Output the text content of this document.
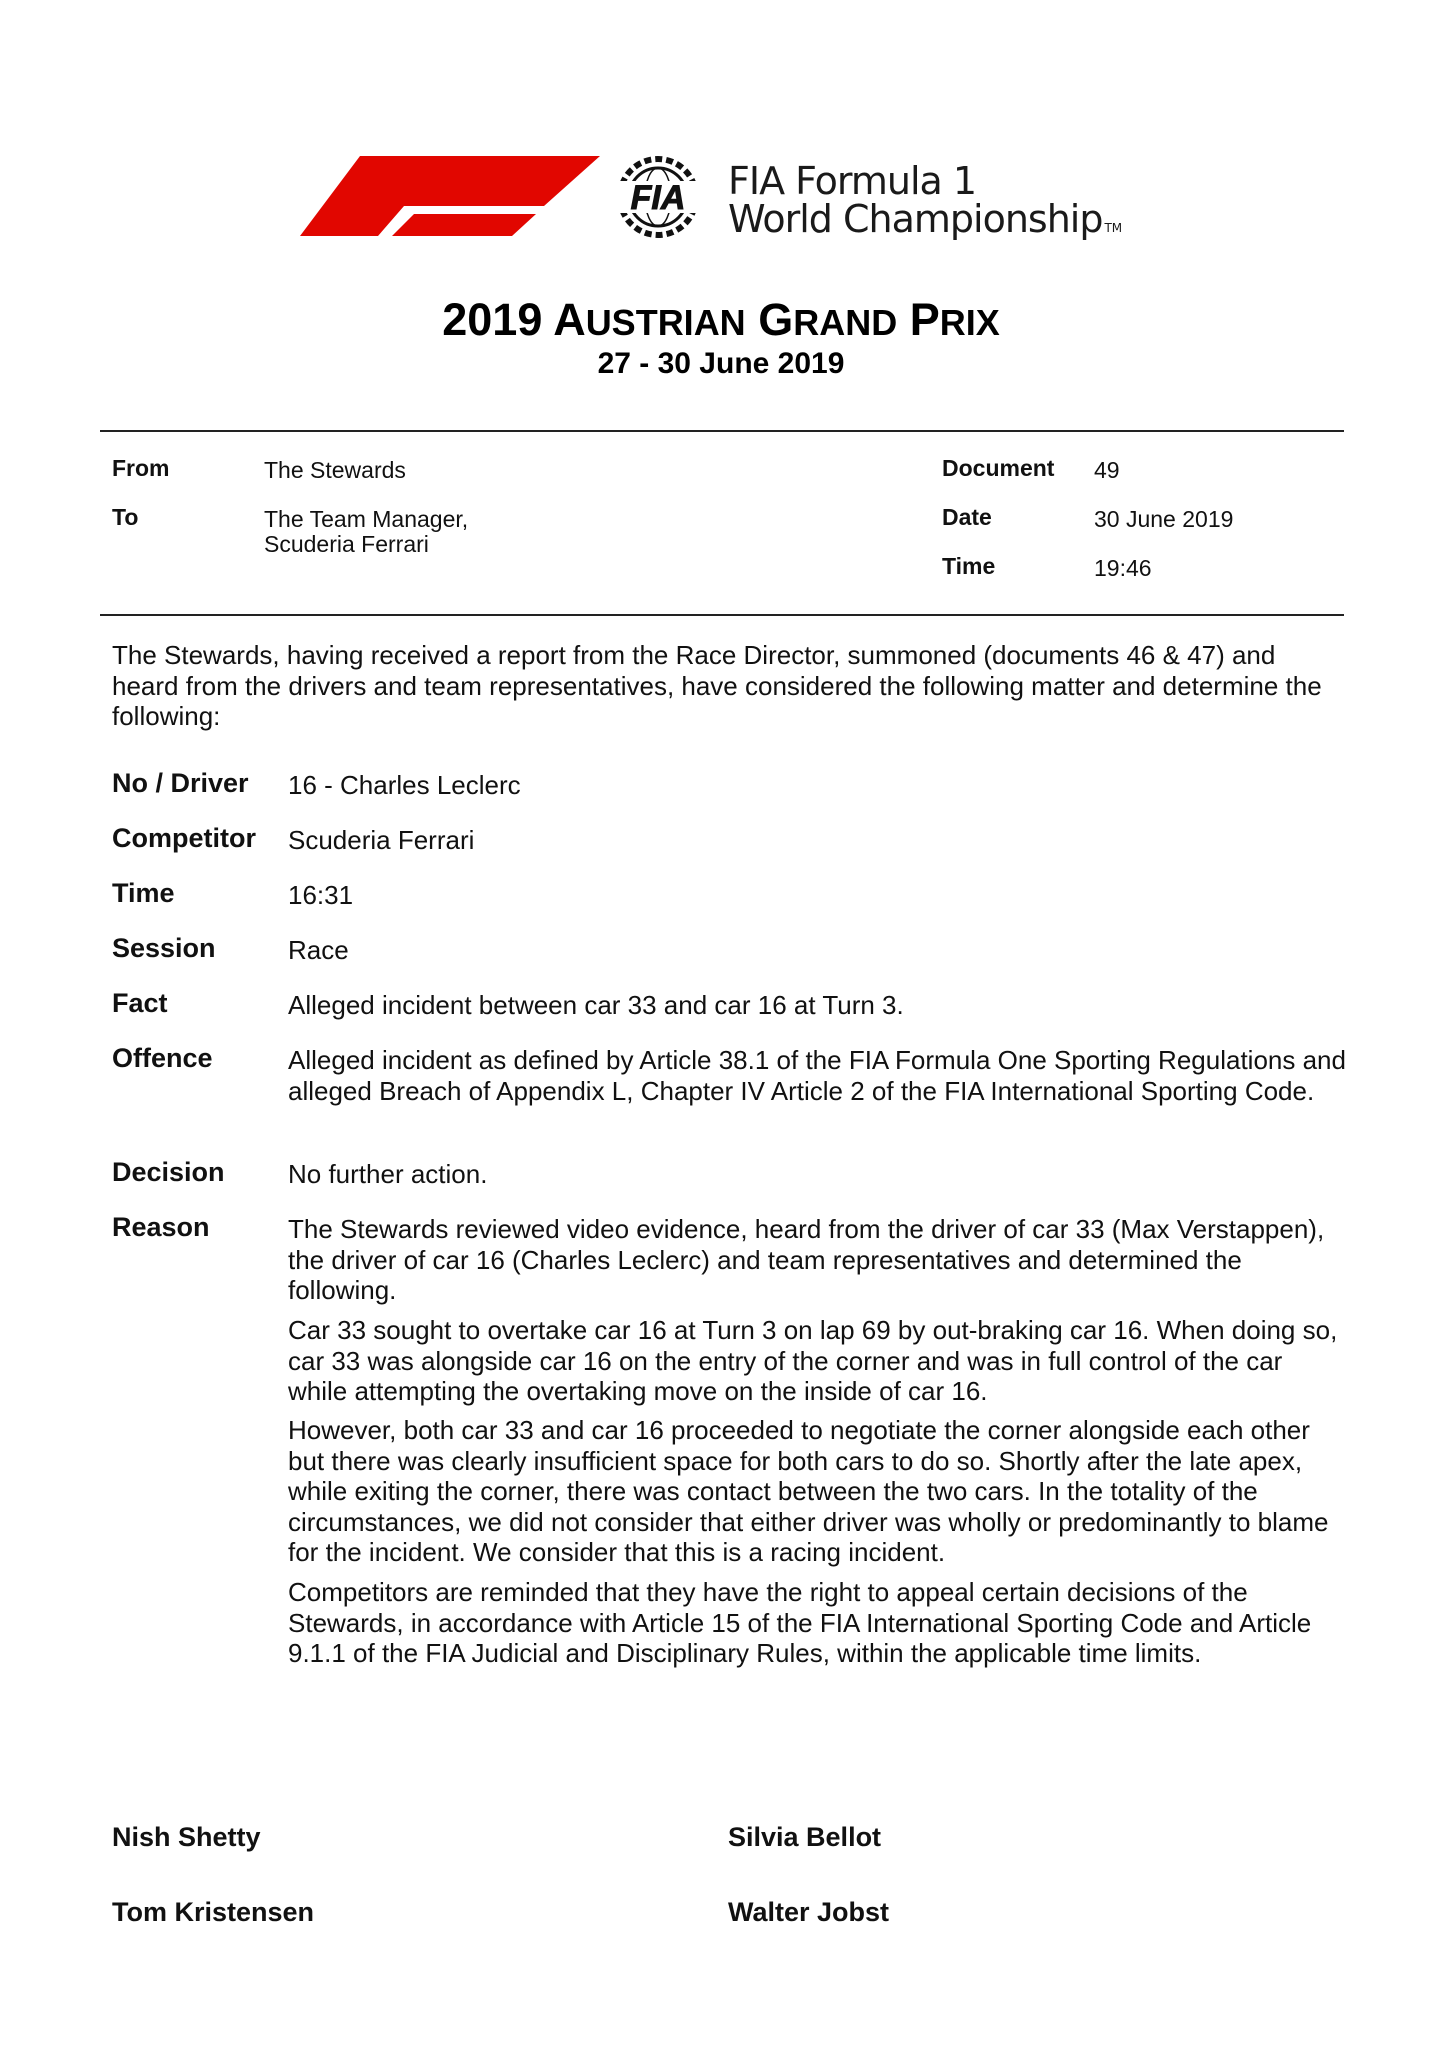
FIA FIA Formula 1
World Championship TM
2019 AUSTRIAN GRAND PRIX
27 - 30 June 2019
From	The Stewards
To	The Team Manager,
Scuderia Ferrari
Document 49
Date	30 June 2019
Time	19:46
The Stewards, having received a report from the Race Director, summoned (documents 46 & 47) and heard from the drivers and team representatives, have considered the following matter and determine the following:
No / Driver 16 - Charles Leclerc
Competitor Scuderia Ferrari
Time	16:31
Session	Race
Fact	Alleged incident between car 33 and car 16 at Turn 3.
Offence	Alleged incident as defined by Article 38.1 of the FIA Formula One Sporting Regulations and alleged Breach of Appendix L, Chapter IV Article 2 of the FIA International Sporting Code.
Decision No further action.
Reason	The Stewards reviewed video evidence, heard from the driver of car 33 (Max Verstappen), the driver of car 16 (Charles Leclerc) and team representatives and determined the following.
Car 33 sought to overtake car 16 at Turn 3 on lap 69 by out-braking car 16. When doing so, car 33 was alongside car 16 on the entry of the corner and was in full control of the car while attempting the overtaking move on the inside of car 16.
However, both car 33 and car 16 proceeded to negotiate the corner alongside each other but there was clearly insufficient space for both cars to do so. Shortly after the late apex, while exiting the corner, there was contact between the two cars. In the totality of the circumstances, we did not consider that either driver was wholly or predominantly to blame for the incident. We consider that this is a racing incident.
Competitors are reminded that they have the right to appeal certain decisions of the Stewards, in accordance with Article 15 of the FIA International Sporting Code and Article 9.1.1 of the FIA Judicial and Disciplinary Rules, within the applicable time limits.
Nish Shetty	Silvia Bellot
Tom Kristensen	Walter Jobst
